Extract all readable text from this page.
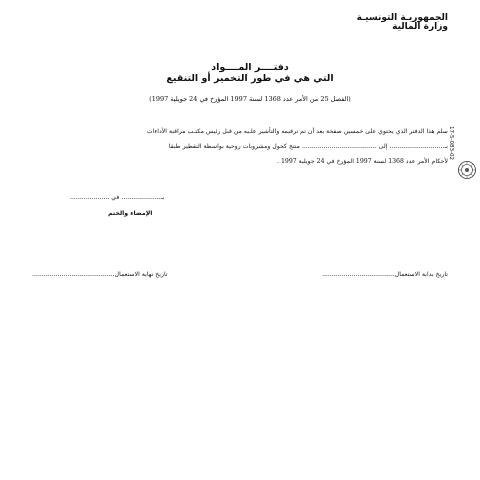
الجمهوريـة التونسيـة
وزارة المالية
دفتــــر المــــواد
التي هي في طور التخمير أو التنقيع
(الفصل 25 من الأمر عدد 1368 لسنة 1997 المؤرخ في 24 جويلية 1997)
سلم هذا الدفتر الذي يحتوي على خمسين صفحة بعد أن تم ترقيمه والتأشير علـيه من قبل رئيس مكتـب مراقبة الأداءات
بـ............................ إلى ...................................... منتج كحول ومشروبات روحية بواسطة التقطير طبقا
لأحكام الأمر عدد 1368 لسنة 1997 المؤرخ في 24 جويلية 1997 .
بـ.................... في ....................
الإمضاء والختم
تاريخ بداية الاستعمال.....................................
تاريخ نهاية الاستعمال..........................................
17-5-083-02
